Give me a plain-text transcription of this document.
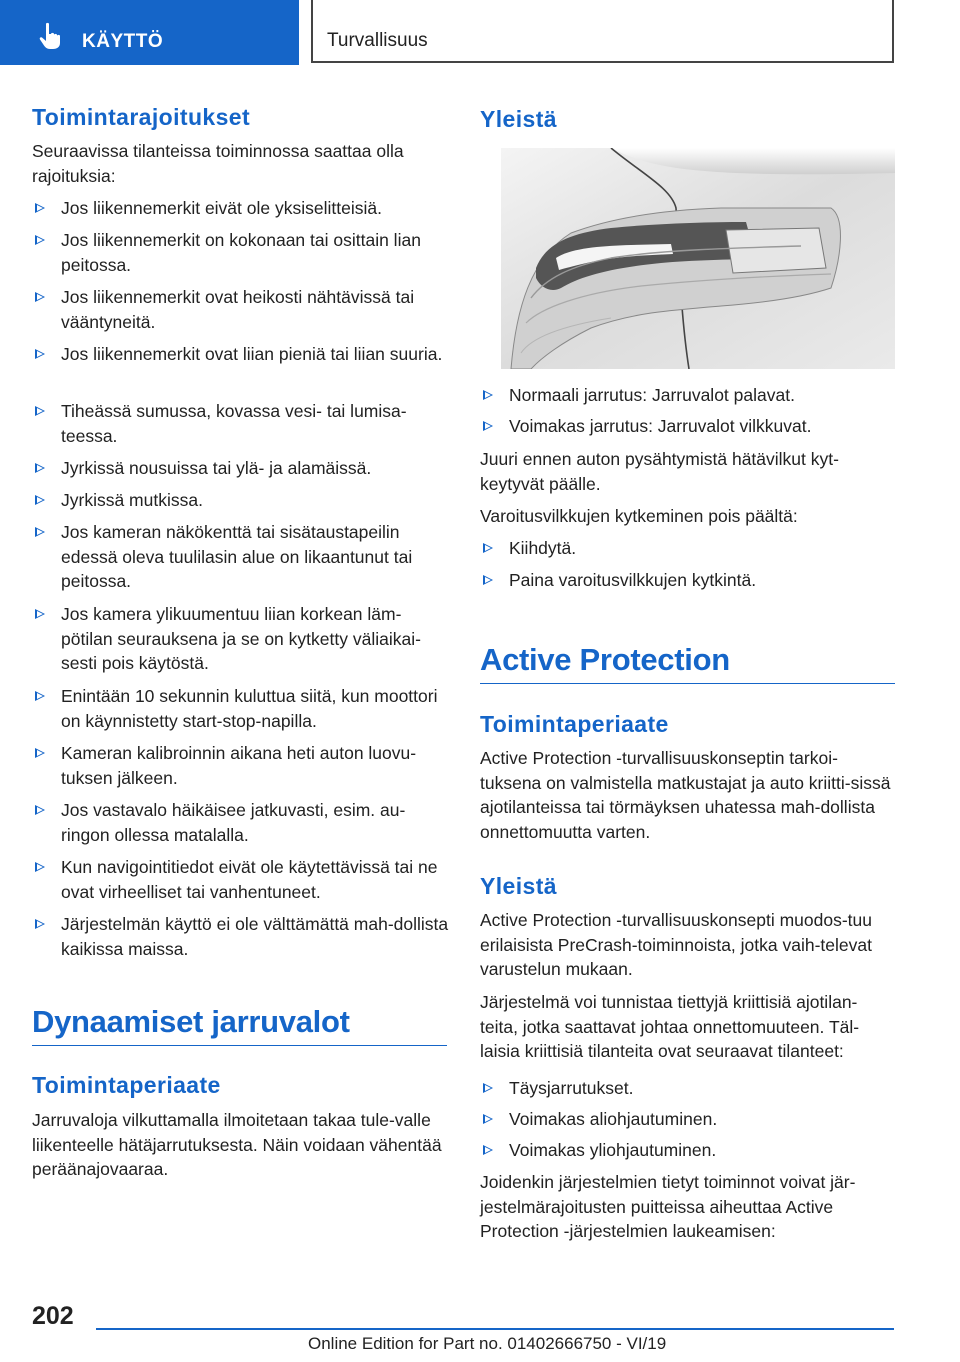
KÄYTTÖ	Turvallisuus
Toimintarajoitukset
Seuraavissa tilanteissa toiminnossa saattaa olla rajoituksia:
Jos liikennemerkit eivät ole yksiselitteisiä.
Jos liikennemerkit on kokonaan tai osittain lian peitossa.
Jos liikennemerkit ovat heikosti nähtävissä tai vääntyneitä.
Jos liikennemerkit ovat liian pieniä tai liian suuria.
Tiheässä sumussa, kovassa vesi- tai lumisa-teessa.
Jyrkissä nousuissa tai ylä- ja alamäissä.
Jyrkissä mutkissa.
Jos kameran näkökenttä tai sisätaustapeilin edessä oleva tuulilasin alue on likaantunut tai peitossa.
Jos kamera ylikuumentuu liian korkean läm-pötilan seurauksena ja se on kytketty väliaikai-sesti pois käytöstä.
Enintään 10 sekunnin kuluttua siitä, kun moottori on käynnistetty start-stop-napilla.
Kameran kalibroinnin aikana heti auton luovu-tuksen jälkeen.
Jos vastavalo häikäisee jatkuvasti, esim. au-ringon ollessa matalalla.
Kun navigointitiedot eivät ole käytettävissä tai ne ovat virheelliset tai vanhentuneet.
Järjestelmän käyttö ei ole välttämättä mah-dollista kaikissa maissa.
Dynaamiset jarruvalot
Toimintaperiaate
Jarruvaloja vilkuttamalla ilmoitetaan takaa tule-valle liikenteelle hätäjarrutuksesta. Näin voidaan vähentää peräänajovaaraa.
Yleistä
Normaali jarrutus: Jarruvalot palavat.
Voimakas jarrutus: Jarruvalot vilkkuvat.
Juuri ennen auton pysähtymistä hätävilkut kyt-keytyvät päälle.
Varoitusvilkkujen kytkeminen pois päältä:
Kiihdytä.
Paina varoitusvilkkujen kytkintä.
Active Protection
Toimintaperiaate
Active Protection -turvallisuuskonseptin tarkoi-tuksena on valmistella matkustajat ja auto kriitti-sissä ajotilanteissa tai törmäyksen uhatessa mah-dollista onnettomuutta varten.
Yleistä
Active Protection -turvallisuuskonsepti muodos-tuu erilaisista PreCrash-toiminnoista, jotka vaih-televat varustelun mukaan.
Järjestelmä voi tunnistaa tiettyjä kriittisiä ajotilan-teita, jotka saattavat johtaa onnettomuuteen. Täl-laisia kriittisiä tilanteita ovat seuraavat tilanteet:
Täysjarrutukset.
Voimakas aliohjautuminen.
Voimakas yliohjautuminen.
Joidenkin järjestelmien tietyt toiminnot voivat jär-jestelmärajoitusten puitteissa aiheuttaa Active Protection -järjestelmien laukeamisen:
202
Online Edition for Part no. 01402666750 - VI/19
